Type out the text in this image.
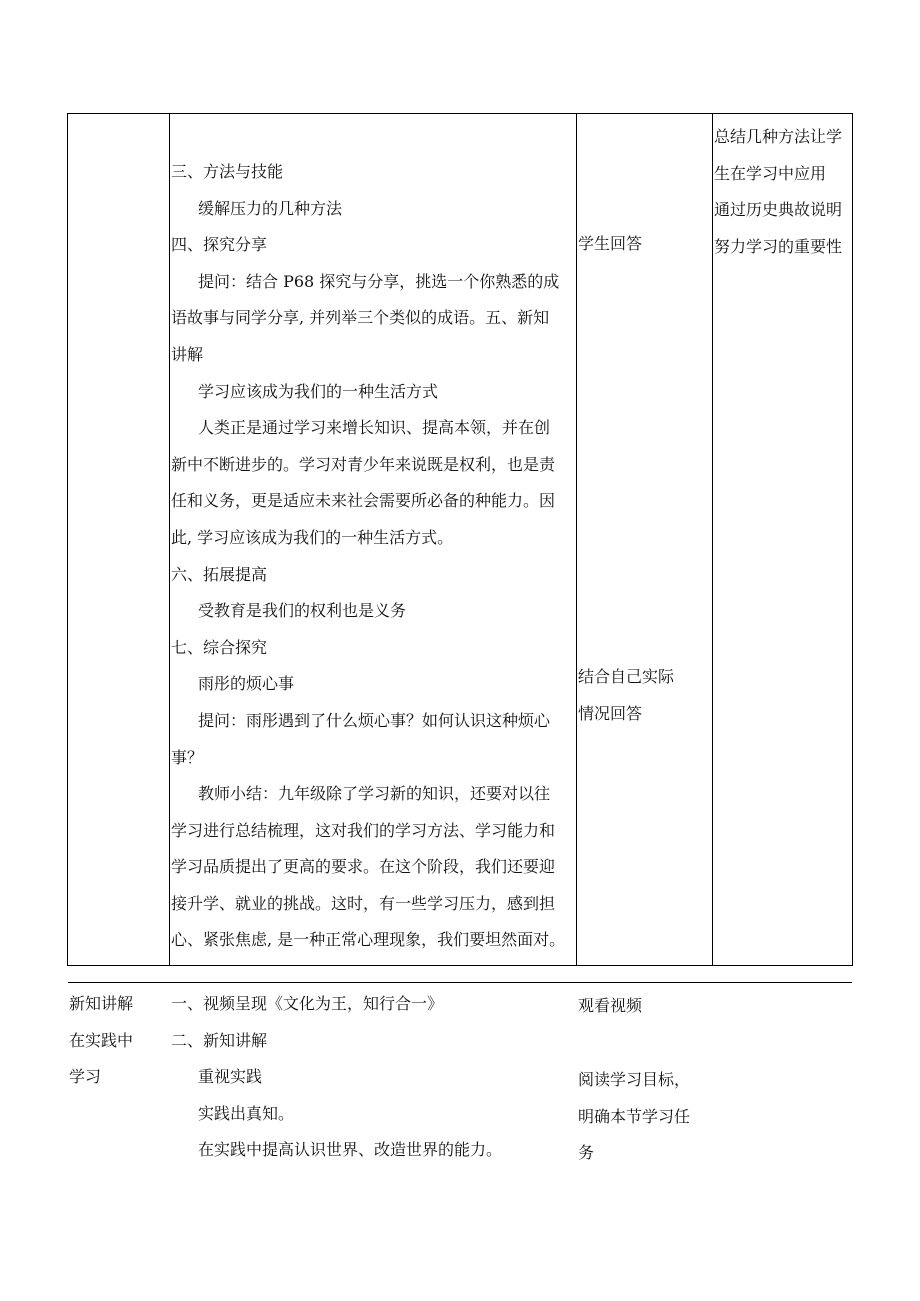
三、方法与技能

缓解压力的几种方法

四、探究分享

提问：结合 P68 探究与分享，挑选一个你熟悉的成

语故事与同学分享, 并列举三个类似的成语。五、新知

讲解

学习应该成为我们的一种生活方式

人类正是通过学习来增长知识、提高本领，并在创

新中不断进步的。学习对青少年来说既是权利，也是责

任和义务，更是适应未来社会需要所必备的种能力。因

此, 学习应该成为我们的一种生活方式。

六、拓展提高

受教育是我们的权利也是义务

七、综合探究

雨彤的烦心事

提问：雨彤遇到了什么烦心事？如何认识这种烦心

事？

教师小结：九年级除了学习新的知识，还要对以往

学习进行总结梳理，这对我们的学习方法、学习能力和

学习品质提出了更高的要求。在这个阶段，我们还要迎

接升学、就业的挑战。这时，有一些学习压力，感到担

心、紧张焦虑, 是一种正常心理现象，我们要坦然面对。

学生回答

结合自己实际

情况回答

总结几种方法让学

生在学习中应用

通过历史典故说明

努力学习的重要性

新知讲解

在实践中

学习

一、视频呈现《文化为王，知行合一》

二、新知讲解

重视实践

实践出真知。

在实践中提高认识世界、改造世界的能力。

观看视频

阅读学习目标，

明确本节学习任

务
